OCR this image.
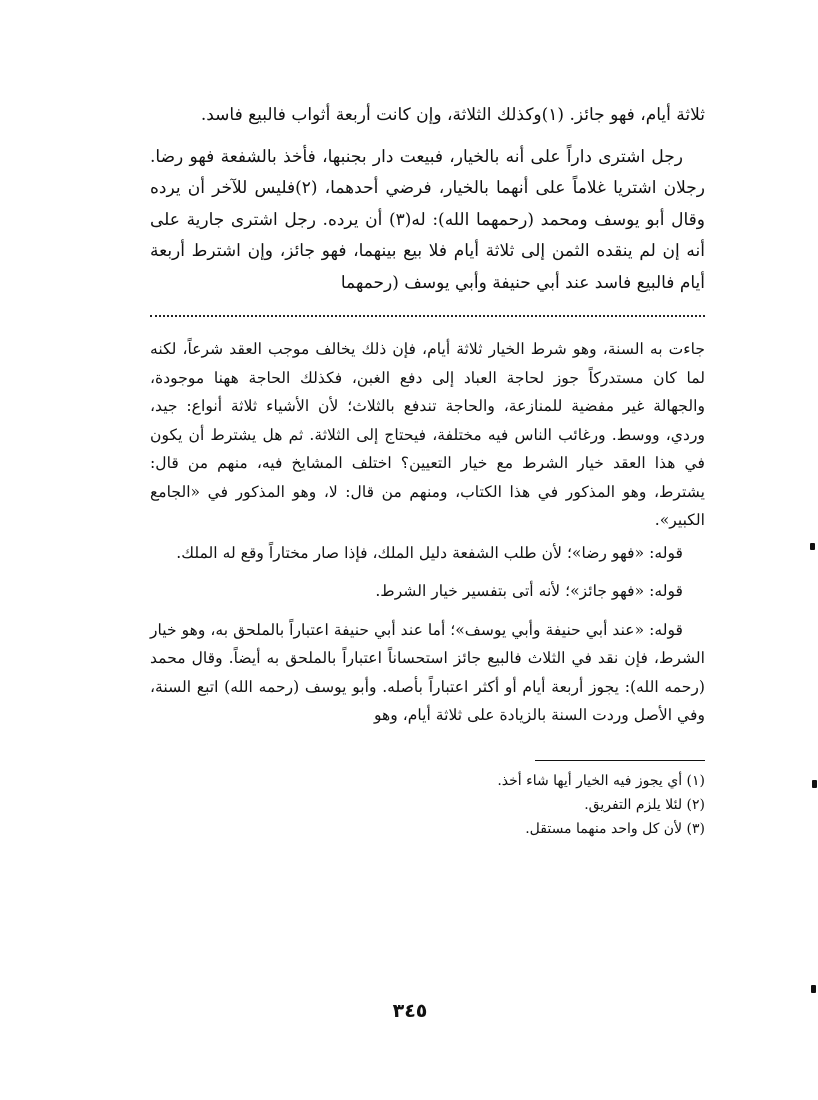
ثلاثة أيام، فهو جائز. (١)وكذلك الثلاثة، وإن كانت أربعة أثواب فالبيع فاسد.

رجل اشترى داراً على أنه بالخيار، فبيعت دار بجنبها، فأخذ بالشفعة فهو رضا. رجلان اشتريا غلاماً على أنهما بالخيار، فرضي أحدهما، (٢)فليس للآخر أن يرده وقال أبو يوسف ومحمد (رحمهما الله): له(٣) أن يرده. رجل اشترى جارية على أنه إن لم ينقده الثمن إلى ثلاثة أيام فلا بيع بينهما، فهو جائز، وإن اشترط أربعة أيام فالبيع فاسد عند أبي حنيفة وأبي يوسف (رحمهما

جاءت به السنة، وهو شرط الخيار ثلاثة أيام، فإن ذلك يخالف موجب العقد شرعاً، لكنه لما كان مستدركاً جوز لحاجة العباد إلى دفع الغبن، فكذلك الحاجة ههنا موجودة، والجهالة غير مفضية للمنازعة، والحاجة تندفع بالثلاث؛ لأن الأشياء ثلاثة أنواع: جيد، وردي، ووسط. ورغائب الناس فيه مختلفة، فيحتاج إلى الثلاثة. ثم هل يشترط أن يكون في هذا العقد خيار الشرط مع خيار التعيين؟ اختلف المشايخ فيه، منهم من قال: يشترط، وهو المذكور في هذا الكتاب، ومنهم من قال: لا، وهو المذكور في «الجامع الكبير».

قوله: «فهو رضا»؛ لأن طلب الشفعة دليل الملك، فإذا صار مختاراً وقع له الملك.

قوله: «فهو جائز»؛ لأنه أتى بتفسير خيار الشرط.

قوله: «عند أبي حنيفة وأبي يوسف»؛ أما عند أبي حنيفة اعتباراً بالملحق به، وهو خيار الشرط، فإن نقد في الثلاث فالبيع جائز استحساناً اعتباراً بالملحق به أيضاً. وقال محمد (رحمه الله): يجوز أربعة أيام أو أكثر اعتباراً بأصله. وأبو يوسف (رحمه الله) اتبع السنة، وفي الأصل وردت السنة بالزيادة على ثلاثة أيام، وهو

(١) أي يجوز فيه الخيار أيها شاء أخذ.
(٢) لئلا يلزم التفريق.
(٣) لأن كل واحد منهما مستقل.
٣٤٥
